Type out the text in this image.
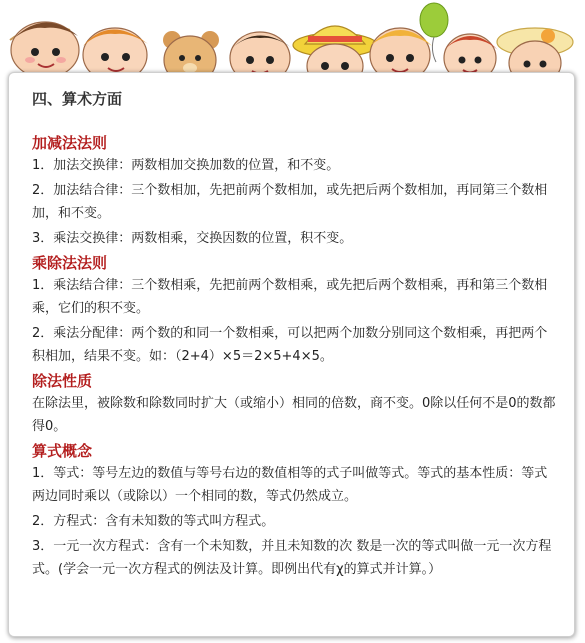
四、算术方面
加减法法则
1．加法交换律：两数相加交换加数的位置，和不变。
2．加法结合律：三个数相加，先把前两个数相加，或先把后两个数相加，再同第三个数相加，和不变。
3．乘法交换律：两数相乘，交换因数的位置，积不变。
乘除法法则
1．乘法结合律：三个数相乘，先把前两个数相乘，或先把后两个数相乘，再和第三个数相乘，它们的积不变。
2．乘法分配律：两个数的和同一个数相乘，可以把两个加数分别同这个数相乘，再把两个积相加，结果不变。如：（2+4）×5＝2×5+4×5。
除法性质
在除法里，被除数和除数同时扩大（或缩小）相同的倍数，商不变。0除以任何不是0的数都得0。
算式概念
1．等式：等号左边的数值与等号右边的数值相等的式子叫做等式。等式的基本性质：等式两边同时乘以（或除以）一个相同的数，等式仍然成立。
2．方程式：含有未知数的等式叫方程式。
3．一元一次方程式：含有一个未知数，并且未知数的次 数是一次的等式叫做一元一次方程式。(学会一元一次方程式的例法及计算。即例出代有χ的算式并计算。）
